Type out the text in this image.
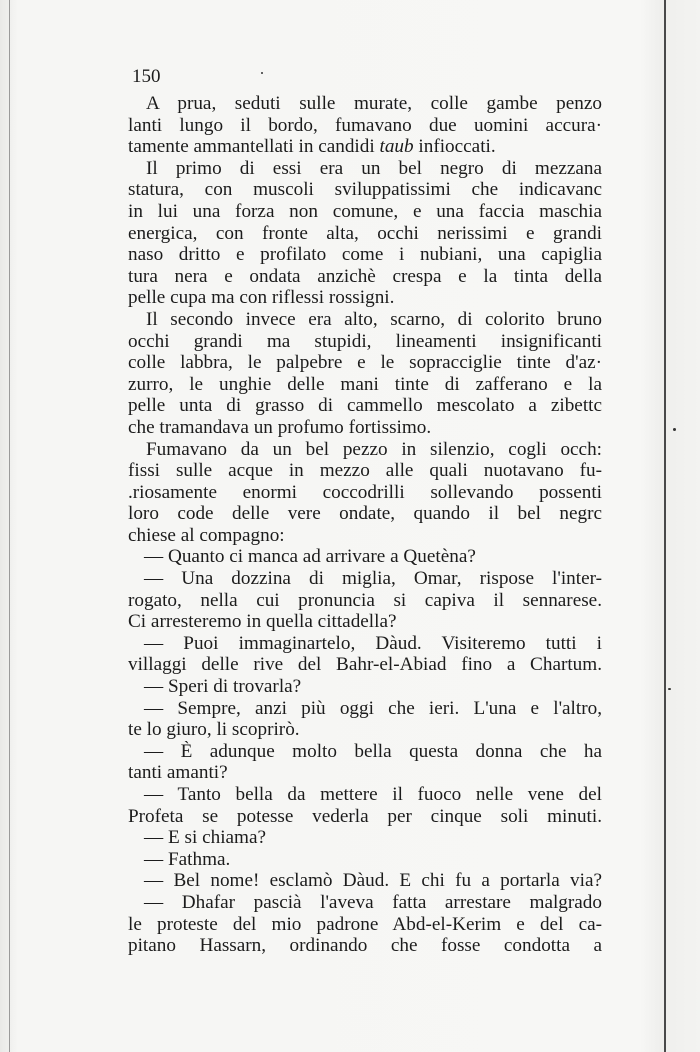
150
A prua, seduti sulle murate, colle gambe penzo
lanti lungo il bordo, fumavano due uomini accura·
tamente ammantellati in candidi taub infioccati.
Il primo di essi era un bel negro di mezzana
statura, con muscoli sviluppatissimi che indicavanc
in lui una forza non comune, e una faccia maschia
energica, con fronte alta, occhi nerissimi e grandi
naso dritto e profilato come i nubiani, una capiglia
tura nera e ondata anzichè crespa e la tinta della
pelle cupa ma con riflessi rossigni.
Il secondo invece era alto, scarno, di colorito bruno
occhi grandi ma stupidi, lineamenti insignificanti
colle labbra, le palpebre e le sopracciglie tinte d'az·
zurro, le unghie delle mani tinte di zafferano e la
pelle unta di grasso di cammello mescolato a zibettc
che tramandava un profumo fortissimo.
Fumavano da un bel pezzo in silenzio, cogli occh:
fissi sulle acque in mezzo alle quali nuotavano fu-
.riosamente enormi coccodrilli sollevando possenti
loro code delle vere ondate, quando il bel negrc
chiese al compagno:
— Quanto ci manca ad arrivare a Quetèna?
— Una dozzina di miglia, Omar, rispose l'inter-
rogato, nella cui pronuncia si capiva il sennarese.
Ci arresteremo in quella cittadella?
— Puoi immaginartelo, Dàud. Visiteremo tutti i
villaggi delle rive del Bahr-el-Abiad fino a Chartum.
— Speri di trovarla?
— Sempre, anzi più oggi che ieri. L'una e l'altro,
te lo giuro, li scoprirò.
— È adunque molto bella questa donna che ha
tanti amanti?
— Tanto bella da mettere il fuoco nelle vene del
Profeta se potesse vederla per cinque soli minuti.
— E si chiama?
— Fathma.
— Bel nome! esclamò Dàud. E chi fu a portarla via?
— Dhafar pascià l'aveva fatta arrestare malgrado
le proteste del mio padrone Abd-el-Kerim e del ca-
pitano Hassarn, ordinando che fosse condotta a
